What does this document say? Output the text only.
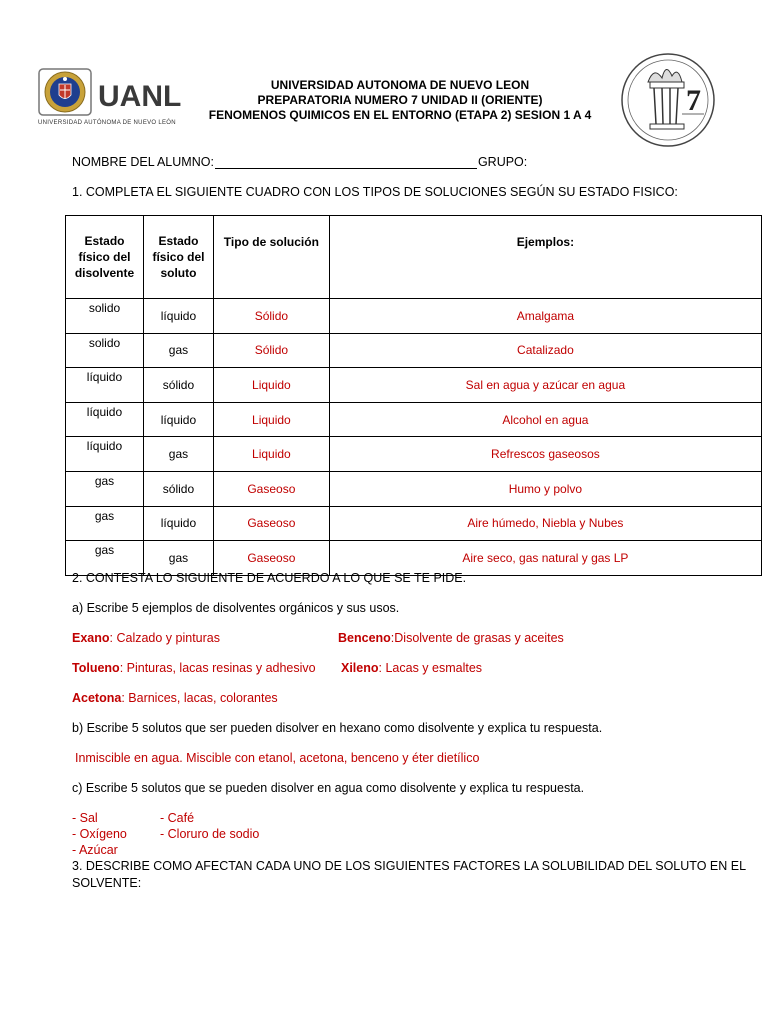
UANL
UNIVERSIDAD AUTÓNOMA DE NUEVO LEÓN
UNIVERSIDAD AUTONOMA DE NUEVO LEON
PREPARATORIA NUMERO 7 UNIDAD II (ORIENTE)
FENOMENOS QUIMICOS EN EL ENTORNO (ETAPA 2) SESION 1 A 4	7
NOMBRE DEL ALUMNO:	GRUPO:
1. COMPLETA EL SIGUIENTE CUADRO CON LOS TIPOS DE SOLUCIONES SEGÚN SU ESTADO FISICO:
Estado físico del disolvente	Estado físico del soluto	Tipo de solución	Ejemplos:
solido	líquido	Sólido	Amalgama
solido	gas	Sólido	Catalizado
líquido	sólido	Liquido	Sal en agua y azúcar en agua
líquido	líquido	Liquido	Alcohol en agua
líquido	gas	Liquido	Refrescos gaseosos
gas	sólido	Gaseoso	Humo y polvo
gas	líquido	Gaseoso	Aire húmedo, Niebla y Nubes
gas	gas	Gaseoso	Aire seco, gas natural y gas LP
2. CONTESTA LO SIGUIENTE DE ACUERDO A LO QUE SE TE PIDE.
a) Escribe 5 ejemplos de disolventes orgánicos y sus usos.
Exano: Calzado y pinturas	Benceno:Disolvente de grasas y aceites
Tolueno: Pinturas, lacas resinas y adhesivo Xileno: Lacas y esmaltes
Acetona: Barnices, lacas, colorantes
b) Escribe 5 solutos que ser pueden disolver en hexano como disolvente y explica tu respuesta.
Inmiscible en agua. Miscible con etanol, acetona, benceno y éter dietílico
c) Escribe 5 solutos que se pueden disolver en agua como disolvente y explica tu respuesta.
- Sal	- Café
- Oxígeno	- Cloruro de sodio
- Azúcar
3. DESCRIBE COMO AFECTAN CADA UNO DE LOS SIGUIENTES FACTORES LA SOLUBILIDAD DEL SOLUTO EN EL
SOLVENTE:
